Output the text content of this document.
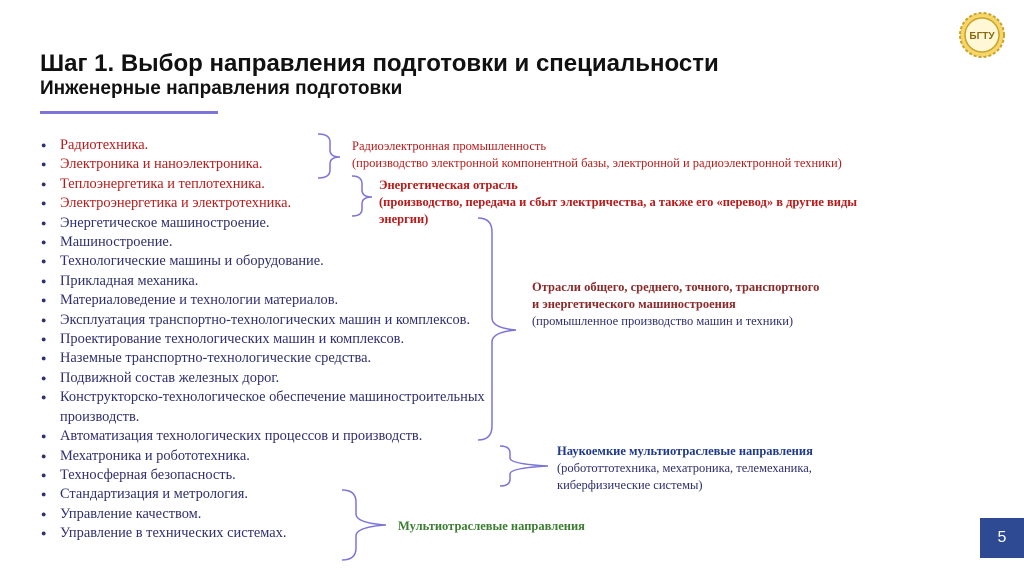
Шаг 1. Выбор направления подготовки и специальности
Инженерные направления подготовки
БГТУ
● Радиотехника.
● Электроника и наноэлектроника.
● Теплоэнергетика и теплотехника.
● Электроэнергетика и электротехника.
● Энергетическое машиностроение.
● Машиностроение.
● Технологические машины и оборудование.
● Прикладная механика.
● Материаловедение и технологии материалов.
● Эксплуатация транспортно-технологических машин и комплексов.
● Проектирование технологических машин и комплексов.
● Наземные транспортно-технологические средства.
● Подвижной состав железных дорог.
● Конструкторско-технологическое обеспечение машиностроительных производств.
● Автоматизация технологических процессов и производств.
● Мехатроника и робототехника.
● Техносферная безопасность.
● Стандартизация и метрология.
● Управление качеством.
● Управление в технических системах.
Радиоэлектронная промышленность
(производство электронной компонентной базы, электронной и радиоэлектронной техники)
Энергетическая отрасль
(производство, передача и сбыт электричества, а также его «перевод» в другие виды
энергии)
Отрасли общего, среднего, точного, транспортного
и энергетического машиностроения
(промышленное производство машин и техники)
Наукоемкие мультиотраслевые направления
(робототтотехника, мехатроника, телемеханика,
киберфизические системы)
Мультиотраслевые направления
5
